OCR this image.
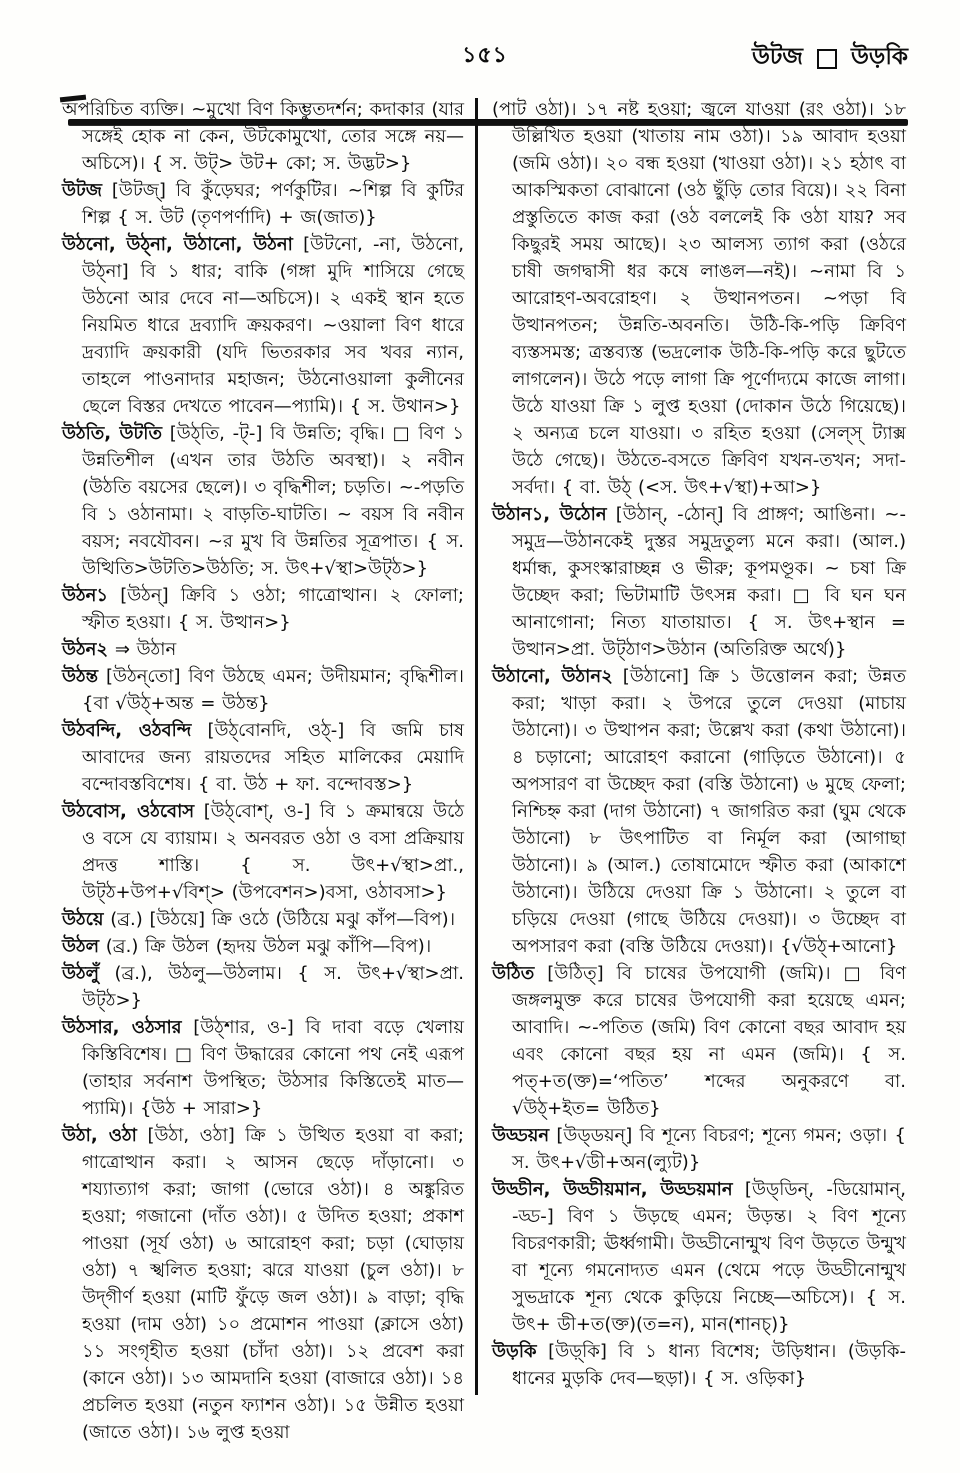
১৫১	উটজ উড়কি

অপরিচিত ব্যক্তি। ~মুখো বিণ কিম্ভুতদর্শন; কদাকার (যার সঙ্গেই হোক না কেন, উটকোমুখো, তোর সঙ্গে নয়—অচিসে)। { স. উট্‌> উট+ কো; স. উদ্ভট>}

উটজ [উটজ্‌] বি কুঁড়েঘর; পর্ণকুটির। ~শিল্প বি কুটির শিল্প { স. উট (তৃণপর্ণাদি) + জ(জাত)}

উঠনো, উঠ্‌না, উঠানো, উঠনা [উটনো, -না, উঠনো, উঠ্‌না] বি ১ ধার; বাকি (গঙ্গা মুদি শাসিয়ে গেছে উঠনো আর দেবে না—অচিসে)। ২ একই স্থান হতে নিয়মিত ধারে দ্রব্যাদি ক্রয়করণ। ~ওয়ালা বিণ ধারে দ্রব্যাদি ক্রয়কারী (যদি ভিতরকার সব খবর ন্যান, তাহলে পাওনাদার মহাজন; উঠনোওয়ালা কুলীনের ছেলে বিস্তর দেখতে পাবেন—প্যামি)। { স. উথান>}

উঠতি, উটতি [উঠ্‌তি, -ট্‌-] বি উন্নতি; বৃদ্ধি। □ বিণ ১ উন্নতিশীল (এখন তার উঠতি অবস্থা)। ২ নবীন (উঠতি বয়সের ছেলে)। ৩ বৃদ্ধিশীল; চড়তি। ~-পড়তি বি ১ ওঠানামা। ২ বাড়তি-ঘাটতি। ~ বয়স বি নবীন বয়স; নবযৌবন। ~র মুখ বি উন্নতির সূত্রপাত। { স. উত্থিতি>উটতি>উঠতি; স. উৎ+√স্থা>উট্‌ঠ>}

উঠন১ [উঠন্‌] ক্রিবি ১ ওঠা; গাত্রোত্থান। ২ ফোলা; স্ফীত হওয়া। { স. উত্থান>}

উঠন২ ⇒ উঠান

উঠন্ত [উঠন্‌তো] বিণ উঠছে এমন; উদীয়মান; বৃদ্ধিশীল। {বা √উঠ্‌+অন্ত = উঠন্ত}

উঠবন্দি, ওঠবন্দি [উঠ্‌বোনদি, ওঠ্‌-] বি জমি চাষ আবাদের জন্য রায়তদের সহিত মালিকের মেয়াদি বন্দোবস্তবিশেষ। { বা. উঠ + ফা. বন্দোবস্ত>}

উঠবোস, ওঠবোস [উঠ্‌বোশ্‌, ও-] বি ১ ক্রমান্বয়ে উঠে ও বসে যে ব্যায়াম। ২ অনবরত ওঠা ও বসা প্রক্রিয়ায় প্রদত্ত শাস্তি। { স. উৎ+√স্থা>প্রা., উট্‌ঠ+উপ+√বিশ্‌> (উপবেশন>)বসা, ওঠাবসা>}

উঠয়ে (ব্র.) [উঠয়ে] ক্রি ওঠে (উঠিয়ে মঝু কাঁপ—বিপ)।

উঠল (ব্র.) ক্রি উঠল (হৃদয় উঠল মঝু কাঁপি—বিপ)।

উঠলুঁ (ব্র.), উঠলু—উঠলাম। { স. উৎ+√স্থা>প্রা. উট্‌ঠ>}

উঠসার, ওঠসার [উঠ্‌শার, ও-] বি দাবা বড়ে খেলায় কিস্তিবিশেষ। □ বিণ উদ্ধারের কোনো পথ নেই এরূপ (তাহার সর্বনাশ উপস্থিত; উঠসার কিস্তিতেই মাত—প্যামি)। {উঠ + সারা>}

উঠা, ওঠা [উঠা, ওঠা] ক্রি ১ উত্থিত হওয়া বা করা; গাত্রোত্থান করা। ২ আসন ছেড়ে দাঁড়ানো। ৩ শয্যাত্যাগ করা; জাগা (ভোরে ওঠা)। ৪ অঙ্কুরিত হওয়া; গজানো (দাঁত ওঠা)। ৫ উদিত হওয়া; প্রকাশ পাওয়া (সূর্য ওঠা) ৬ আরোহণ করা; চড়া (ঘোড়ায় ওঠা) ৭ স্খলিত হওয়া; ঝরে যাওয়া (চুল ওঠা)। ৮ উদ্‌গীর্ণ হওয়া (মাটি ফুঁড়ে জল ওঠা)। ৯ বাড়া; বৃদ্ধি হওয়া (দাম ওঠা) ১০ প্রমোশন পাওয়া (ক্লাসে ওঠা) ১১ সংগৃহীত হওয়া (চাঁদা ওঠা)। ১২ প্রবেশ করা (কানে ওঠা)। ১৩ আমদানি হওয়া (বাজারে ওঠা)। ১৪ প্রচলিত হওয়া (নতুন ফ্যাশন ওঠা)। ১৫ উন্নীত হওয়া (জাতে ওঠা)। ১৬ লুপ্ত হওয়া

(পাট ওঠা)। ১৭ নষ্ট হওয়া; জ্বলে যাওয়া (রং ওঠা)। ১৮ উল্লিখিত হওয়া (খাতায় নাম ওঠা)। ১৯ আবাদ হওয়া (জমি ওঠা)। ২০ বন্ধ হওয়া (খাওয়া ওঠা)। ২১ হঠাৎ বা আকস্মিকতা বোঝানো (ওঠ ছুঁড়ি তোর বিয়ে)। ২২ বিনা প্রস্তুতিতে কাজ করা (ওঠ বললেই কি ওঠা যায়? সব কিছুরই সময় আছে)। ২৩ আলস্য ত্যাগ করা (ওঠরে চাষী জগদ্বাসী ধর কষে লাঙল—নই)। ~নামা বি ১ আরোহণ-অবরোহণ। ২ উত্থানপতন। ~পড়া বি উত্থানপতন; উন্নতি-অবনতি। উঠি-কি-পড়ি ক্রিবিণ ব্যস্তসমস্ত; ত্রস্তব্যস্ত (ভদ্রলোক উঠি-কি-পড়ি করে ছুটতে লাগলেন)। উঠে পড়ে লাগা ক্রি পূর্ণোদ্যমে কাজে লাগা। উঠে যাওয়া ক্রি ১ লুপ্ত হওয়া (দোকান উঠে গিয়েছে)। ২ অন্যত্র চলে যাওয়া। ৩ রহিত হওয়া (সেল্‌স্‌ ট্যাক্স উঠে গেছে)। উঠতে-বসতে ক্রিবিণ যখন-তখন; সদা-সর্বদা। { বা. উঠ্‌ (<স. উৎ+√স্থা)+আ>}

উঠান১, উঠোন [উঠান্‌, -ঠোন্‌] বি প্রাঙ্গণ; আঙিনা। ~-সমুদ্র—উঠানকেই দুস্তর সমুদ্রতুল্য মনে করা। (আল.) ধর্মান্ধ, কুসংস্কারাচ্ছন্ন ও ভীরু; কূপমণ্ডূক। ~ চষা ক্রি উচ্ছেদ করা; ভিটামাটি উৎসন্ন করা। □ বি ঘন ঘন আনাগোনা; নিত্য যাতায়াত। { স. উৎ+স্থান = উত্থান>প্রা. উট্‌ঠাণ>উঠান (অতিরিক্ত অর্থে)}

উঠানো, উঠান২ [উঠানো] ক্রি ১ উত্তোলন করা; উন্নত করা; খাড়া করা। ২ উপরে তুলে দেওয়া (মাচায় উঠানো)। ৩ উত্থাপন করা; উল্লেখ করা (কথা উঠানো)। ৪ চড়ানো; আরোহণ করানো (গাড়িতে উঠানো)। ৫ অপসারণ বা উচ্ছেদ করা (বস্তি উঠানো) ৬ মুছে ফেলা; নিশ্চিহ্ন করা (দাগ উঠানো) ৭ জাগরিত করা (ঘুম থেকে উঠানো) ৮ উৎপাটিত বা নির্মূল করা (আগাছা উঠানো)। ৯ (আল.) তোষামোদে স্ফীত করা (আকাশে উঠানো)। উঠিয়ে দেওয়া ক্রি ১ উঠানো। ২ তুলে বা চড়িয়ে দেওয়া (গাছে উঠিয়ে দেওয়া)। ৩ উচ্ছেদ বা অপসারণ করা (বস্তি উঠিয়ে দেওয়া)। {√উঠ্‌+আনো}

উঠিত [উঠিত্‌] বি চাষের উপযোগী (জমি)। □ বিণ জঙ্গলমুক্ত করে চাষের উপযোগী করা হয়েছে এমন; আবাদি। ~-পতিত (জমি) বিণ কোনো বছর আবাদ হয় এবং কোনো বছর হয় না এমন (জমি)। { স. পত্‌+ত(ক্ত)=‘পতিত’ শব্দের অনুকরণে বা. √উঠ্‌+ইত= উঠিত}

উড্ডয়ন [উড্‌ডয়ন্‌] বি শূন্যে বিচরণ; শূন্যে গমন; ওড়া। { স. উৎ+√ডী+অন(ল্যুট)}

উড্ডীন, উড্ডীয়মান, উড্ডয়মান [উড্‌ডিন্‌, -ডিয়োমান্‌, -ড্ড-] বিণ ১ উড়ছে এমন; উড়ন্ত। ২ বিণ শূন্যে বিচরণকারী; ঊর্ধ্বগামী। উড্ডীনোন্মুখ বিণ উড়তে উন্মুখ বা শূন্যে গমনোদ্যত এমন (থেমে পড়ে উড্ডীনোন্মুখ সুভদ্রাকে শূন্য থেকে কুড়িয়ে নিচ্ছে—অচিসে)। { স. উৎ+ ডী+ত(ক্ত)(ত=ন), মান(শানচ্‌)}

উড়কি [উড়্‌কি] বি ১ ধান্য বিশেষ; উড়িধান। (উড়কি-ধানের মুড়কি দেব—ছড়া)। { স. ওড়িকা}
